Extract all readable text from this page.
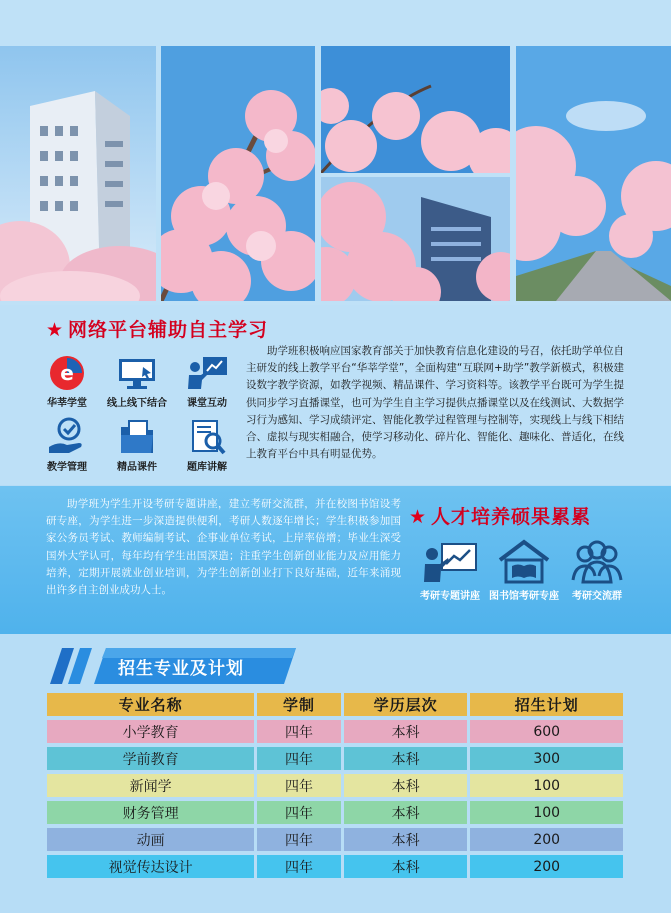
★ 网络平台辅助自主学习
e
华莘学堂	线上线下结合	课堂互动
教学管理	精品课件	题库讲解
助学班积极响应国家教育部关于加快教育信息化建设的号召，依托助学单位自主研发的线上教学平台“华莘学堂”，全面构建“互联网+助学”教学新模式，积极建设数字教学资源，如教学视频、精品课件、学习资料等。该教学平台既可为学生提供同步学习直播课堂，也可为学生自主学习提供点播课堂以及在线测试、大数据学习行为感知、学习成绩评定、智能化教学过程管理与控制等，实现线上与线下相结合、虚拟与现实相融合，使学习移动化、碎片化、智能化、趣味化、普适化，在线上教育平台中具有明显优势。
助学班为学生开设考研专题讲座，建立考研交流群，并在校图书馆设考研专座，为学生进一步深造提供便利，考研人数逐年增长；学生积极参加国家公务员考试、教师编制考试、企事业单位考试，上岸率倍增；毕业生深受国外大学认可，每年均有学生出国深造；注重学生创新创业能力及应用能力培养，定期开展就业创业培训，为学生创新创业打下良好基础，近年来涌现出许多自主创业成功人士。
★ 人才培养硕果累累
考研专题讲座 图书馆考研专座	考研交流群
招生专业及计划
专业名称	学制	学历层次	招生计划
小学教育	四年	本科	600
学前教育	四年	本科	300
新闻学	四年	本科	100
财务管理	四年	本科	100
动画	四年	本科	200
视觉传达设计	四年	本科	200
